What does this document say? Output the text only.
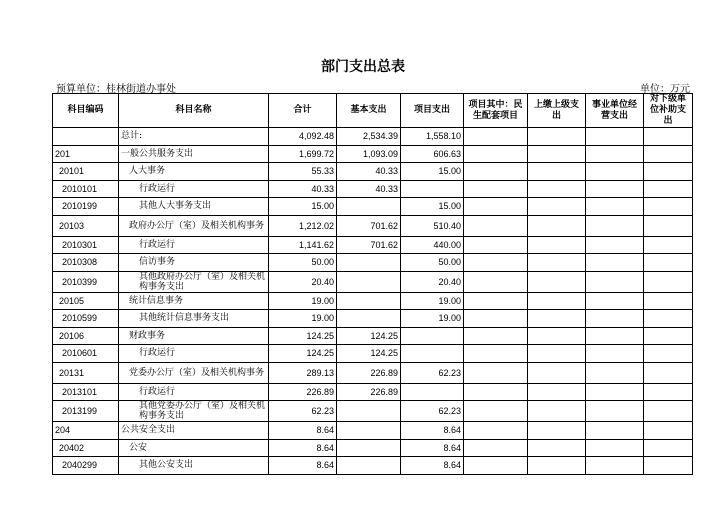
部门支出总表
预算单位：桂林街道办事处	单位：万元
科目编码	科目名称	合计	基本支出	项目支出	项目其中：民生配套项目	上缴上级支出	事业单位经营支出	对下级单位补助支出
	总计:	4,092.48	2,534.39	1,558.10				
201	一般公共服务支出	1,699.72	1,093.09	606.63				
20101	人大事务	55.33	40.33	15.00				
2010101	行政运行	40.33	40.33					
2010199	其他人大事务支出	15.00		15.00				
20103	政府办公厅（室）及相关机构事务	1,212.02	701.62	510.40				
2010301	行政运行	1,141.62	701.62	440.00				
2010308	信访事务	50.00		50.00				
2010399	其他政府办公厅（室）及相关机构事务支出	20.40		20.40				
20105	统计信息事务	19.00		19.00				
2010599	其他统计信息事务支出	19.00		19.00				
20106	财政事务	124.25	124.25					
2010601	行政运行	124.25	124.25					
20131	党委办公厅（室）及相关机构事务	289.13	226.89	62.23				
2013101	行政运行	226.89	226.89					
2013199	其他党委办公厅（室）及相关机构事务支出	62.23		62.23				
204	公共安全支出	8.64		8.64				
20402	公安	8.64		8.64				
2040299	其他公安支出	8.64		8.64				
